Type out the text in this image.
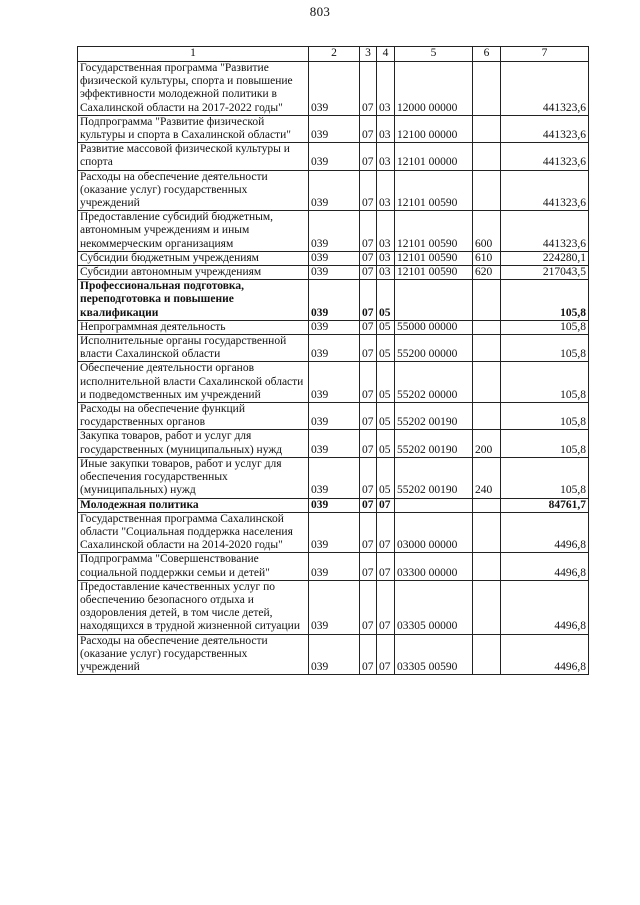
803
1	2	3	4	5	6	7
Государственная программа "Развитие физической культуры, спорта и повышение эффективности молодежной политики в Сахалинской области на 2017-2022 годы"	039	07	03	12000 00000		441323,6
Подпрограмма "Развитие физической культуры и спорта в Сахалинской области"	039	07	03	12100 00000		441323,6
Развитие массовой физической культуры и спорта	039	07	03	12101 00000		441323,6
Расходы на обеспечение деятельности (оказание услуг) государственных учреждений	039	07	03	12101 00590		441323,6
Предоставление субсидий бюджетным, автономным учреждениям и иным некоммерческим организациям	039	07	03	12101 00590	600	441323,6
Субсидии бюджетным учреждениям	039	07	03	12101 00590	610	224280,1
Субсидии автономным учреждениям	039	07	03	12101 00590	620	217043,5
Профессиональная подготовка, переподготовка и повышение квалификации	039	07	05			105,8
Непрограммная деятельность	039	07	05	55000 00000		105,8
Исполнительные органы государственной власти Сахалинской области	039	07	05	55200 00000		105,8
Обеспечение деятельности органов исполнительной власти Сахалинской области и подведомственных им учреждений	039	07	05	55202 00000		105,8
Расходы на обеспечение функций государственных органов	039	07	05	55202 00190		105,8
Закупка товаров, работ и услуг для государственных (муниципальных) нужд	039	07	05	55202 00190	200	105,8
Иные закупки товаров, работ и услуг для обеспечения государственных (муниципальных) нужд	039	07	05	55202 00190	240	105,8
Молодежная политика	039	07	07			84761,7
Государственная программа Сахалинской области "Социальная поддержка населения Сахалинской области на 2014-2020 годы"	039	07	07	03000 00000		4496,8
Подпрограмма "Совершенствование социальной поддержки семьи и детей"	039	07	07	03300 00000		4496,8
Предоставление качественных услуг по обеспечению безопасного отдыха и оздоровления детей, в том числе детей, находящихся в трудной жизненной ситуации	039	07	07	03305 00000		4496,8
Расходы на обеспечение деятельности (оказание услуг) государственных учреждений	039	07	07	03305 00590		4496,8
